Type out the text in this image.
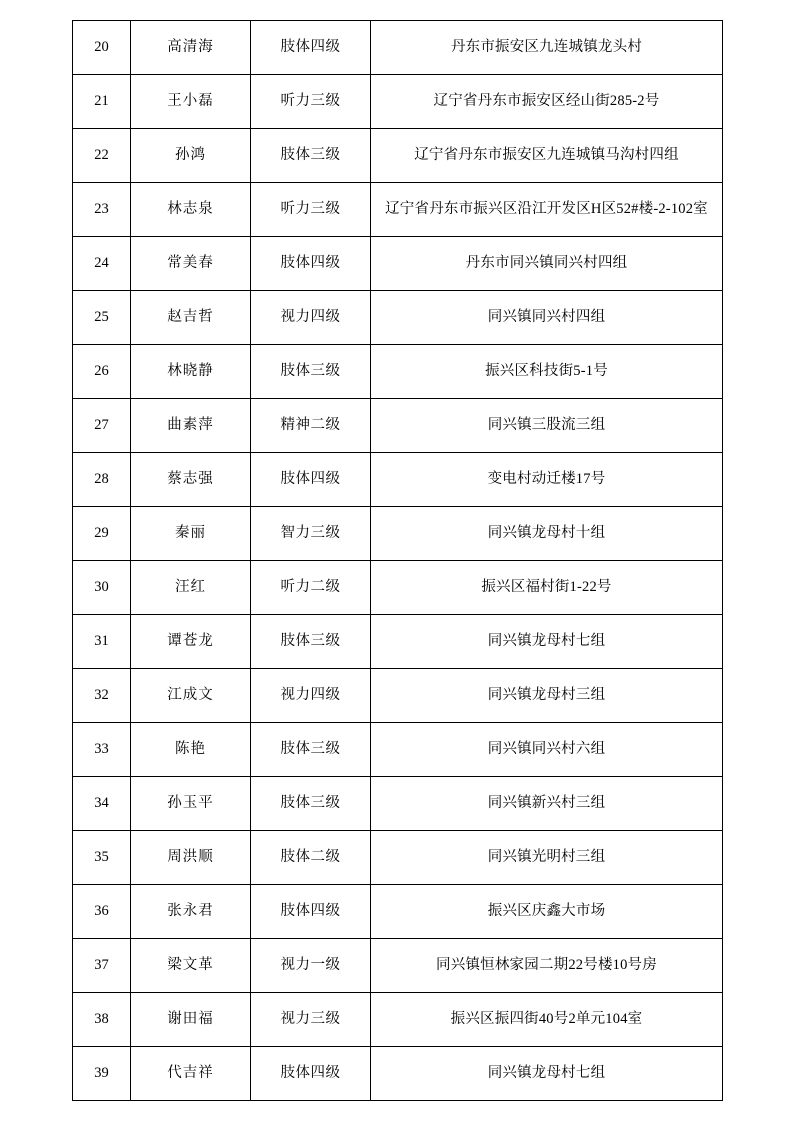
20	高清海	肢体四级	丹东市振安区九连城镇龙头村
21	王小磊	听力三级	辽宁省丹东市振安区经山街285-2号
22	孙鸿	肢体三级	辽宁省丹东市振安区九连城镇马沟村四组
23	林志泉	听力三级	辽宁省丹东市振兴区沿江开发区H区52#楼-2-102室
24	常美春	肢体四级	丹东市同兴镇同兴村四组
25	赵吉哲	视力四级	同兴镇同兴村四组
26	林晓静	肢体三级	振兴区科技街5-1号
27	曲素萍	精神二级	同兴镇三股流三组
28	蔡志强	肢体四级	变电村动迁楼17号
29	秦丽	智力三级	同兴镇龙母村十组
30	汪红	听力二级	振兴区福村街1-22号
31	谭苍龙	肢体三级	同兴镇龙母村七组
32	江成文	视力四级	同兴镇龙母村三组
33	陈艳	肢体三级	同兴镇同兴村六组
34	孙玉平	肢体三级	同兴镇新兴村三组
35	周洪顺	肢体二级	同兴镇光明村三组
36	张永君	肢体四级	振兴区庆鑫大市场
37	梁文革	视力一级	同兴镇恒林家园二期22号楼10号房
38	谢田福	视力三级	振兴区振四街40号2单元104室
39	代吉祥	肢体四级	同兴镇龙母村七组
